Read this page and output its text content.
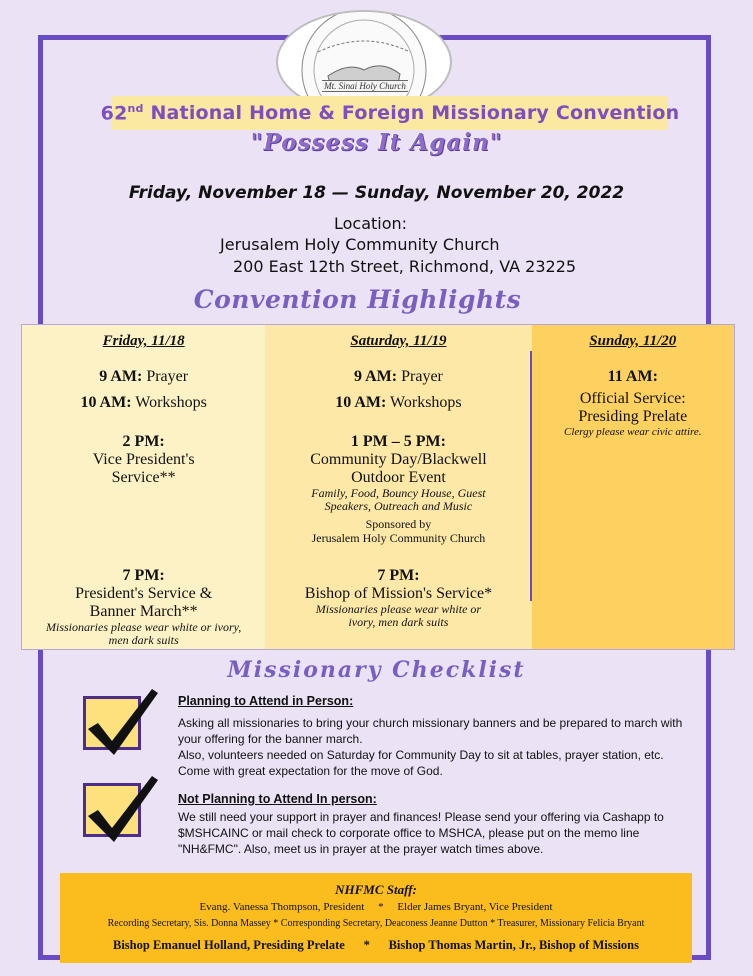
Mt. Sinai Holy Church
62nd National Home & Foreign Missionary Convention
"Possess It Again"
Friday, November 18 — Sunday, November 20, 2022
Location:
Jerusalem Holy Community Church
200 East 12th Street, Richmond, VA 23225
Convention Highlights
Friday, 11/18
9 AM: Prayer
10 AM: Workshops
2 PM:
Vice President's
Service**
7 PM:
President's Service &
Banner March**
Missionaries please wear white or ivory, men dark suits
Saturday, 11/19
9 AM: Prayer
10 AM: Workshops
1 PM – 5 PM:
Community Day/Blackwell
Outdoor Event
Family, Food, Bouncy House, Guest Speakers, Outreach and Music
Sponsored by
Jerusalem Holy Community Church
7 PM:
Bishop of Mission's Service*
Missionaries please wear white or ivory, men dark suits
Sunday, 11/20
11 AM:
Official Service:
Presiding Prelate
Clergy please wear civic attire.
Missionary Checklist
Planning to Attend in Person:

Asking all missionaries to bring your church missionary banners and be prepared to march with your offering for the banner march.

Also, volunteers needed on Saturday for Community Day to sit at tables, prayer station, etc. Come with great expectation for the move of God.

Not Planning to Attend In person:

We still need your support in prayer and finances! Please send your offering via Cashapp to $MSHCAINC or mail check to corporate office to MSHCA, please put on the memo line "NH&FMC". Also, meet us in prayer at the prayer watch times above.

NHFMC Staff:
Evang. Vanessa Thompson, President     *     Elder James Bryant, Vice President
Recording Secretary, Sis. Donna Massey * Corresponding Secretary, Deaconess Jeanne Dutton * Treasurer, Missionary Felicia Bryant
Bishop Emanuel Holland, Presiding Prelate      *      Bishop Thomas Martin, Jr., Bishop of Missions
